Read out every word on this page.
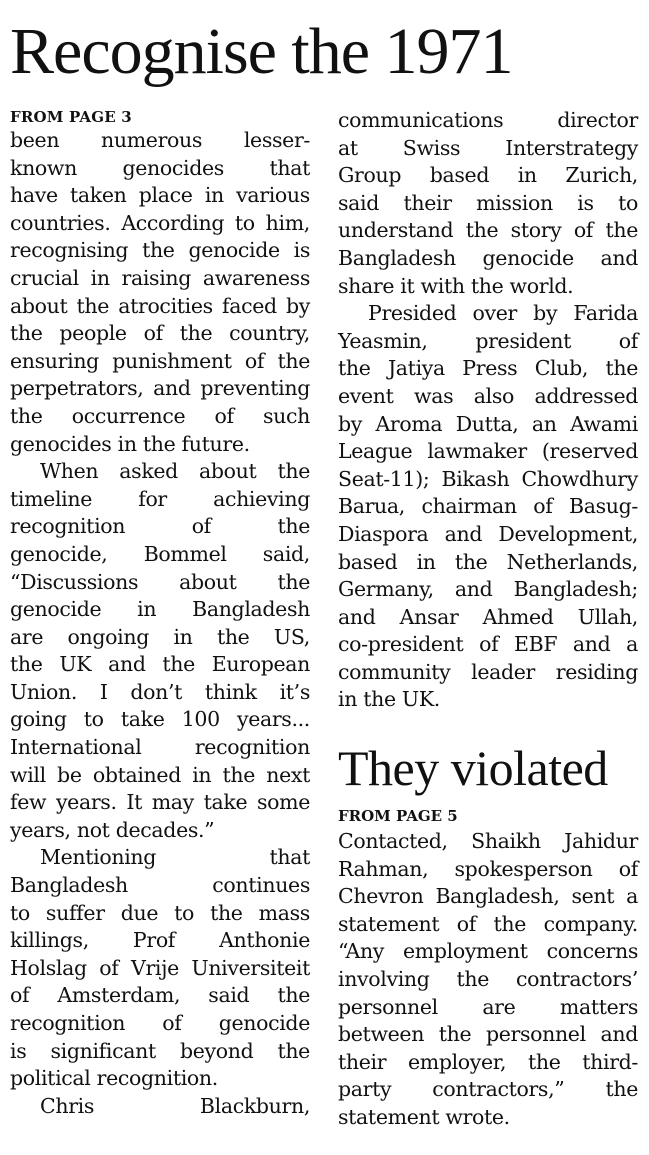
Recognise the 1971
FROM PAGE 3
been numerous lesser-
known genocides that
have taken place in various
countries. According to him,
recognising the genocide is
crucial in raising awareness
about the atrocities faced by
the people of the country,
ensuring punishment of the
perpetrators, and preventing
the occurrence of such
genocides in the future.
When asked about the
timeline for achieving
recognition	of	the
genocide, Bommel said,
“Discussions about the
genocide in Bangladesh
are ongoing in the US,
the UK and the European
Union. I don’t think it’s
going to take 100 years...
International	recognition
will be obtained in the next
few years. It may take some
years, not decades.”
Mentioning	that
Bangladesh	continues
to suffer due to the mass
killings, Prof Anthonie
Holslag of Vrije Universiteit
of Amsterdam, said the
recognition of genocide
is significant beyond the
political recognition.
Chris	Blackburn,
communications	director
at Swiss Interstrategy
Group based in Zurich,
said their mission is to
understand the story of the
Bangladesh genocide and
share it with the world.
Presided over by Farida
Yeasmin, president of
the Jatiya Press Club, the
event was also addressed
by Aroma Dutta, an Awami
League lawmaker (reserved
Seat-11); Bikash Chowdhury
Barua, chairman of Basug-
Diaspora and Development,
based in the Netherlands,
Germany, and Bangladesh;
and Ansar Ahmed Ullah,
co-president of EBF and a
community leader residing
in the UK.
They violated
FROM PAGE 5
Contacted, Shaikh Jahidur
Rahman, spokesperson of
Chevron Bangladesh, sent a
statement of the company.
“Any employment concerns
involving the contractors’
personnel are matters
between the personnel and
their employer, the third-
party contractors,” the
statement wrote.
